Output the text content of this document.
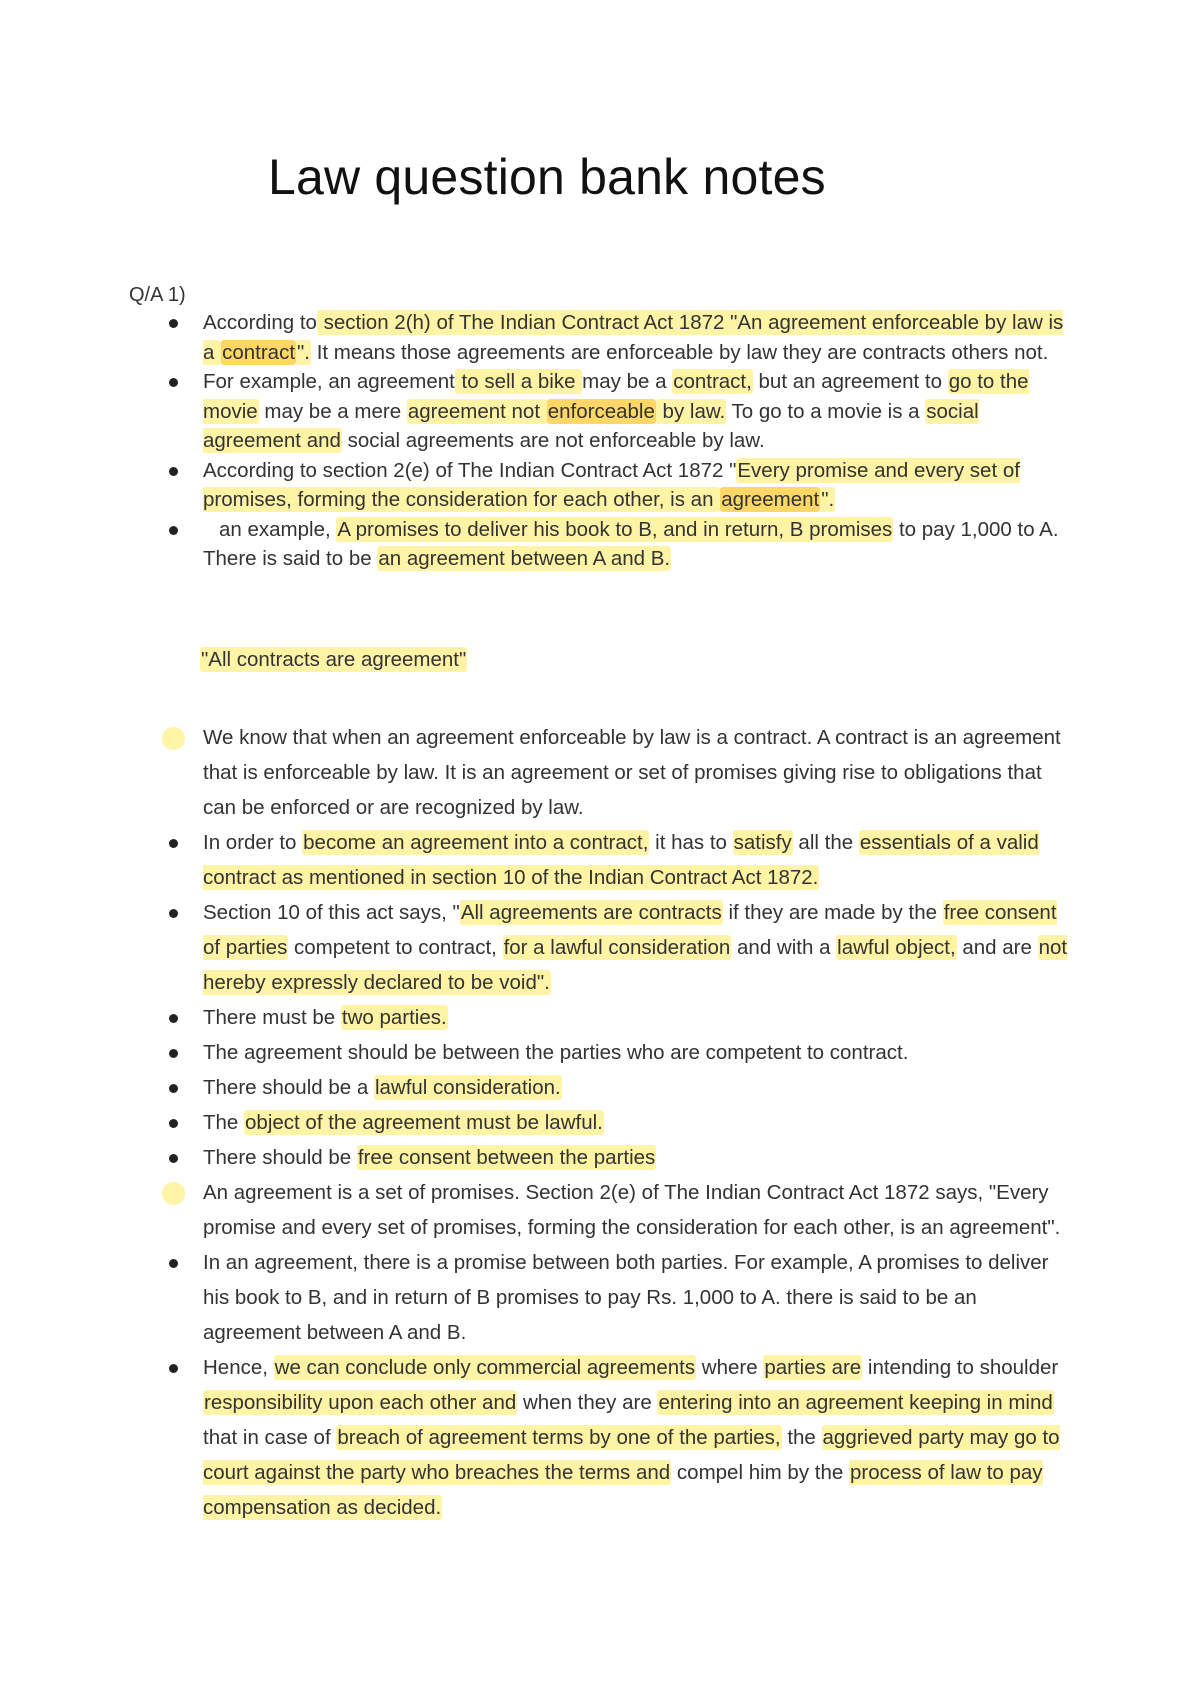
Law question bank notes
Q/A 1)
According to section 2(h) of The Indian Contract Act 1872 "An agreement enforceable by law is a contract". It means those agreements are enforceable by law they are contracts others not.
For example, an agreement to sell a bike may be a contract, but an agreement to go to the movie may be a mere agreement not enforceable by law. To go to a movie is a social agreement and social agreements are not enforceable by law.
According to section 2(e) of The Indian Contract Act 1872 "Every promise and every set of promises, forming the consideration for each other, is an agreement".
an example, A promises to deliver his book to B, and in return, B promises to pay 1,000 to A. There is said to be an agreement between A and B.
"All contracts are agreement"
We know that when an agreement enforceable by law is a contract. A contract is an agreement that is enforceable by law. It is an agreement or set of promises giving rise to obligations that can be enforced or are recognized by law.
In order to become an agreement into a contract, it has to satisfy all the essentials of a valid contract as mentioned in section 10 of the Indian Contract Act 1872.
Section 10 of this act says, "All agreements are contracts if they are made by the free consent of parties competent to contract, for a lawful consideration and with a lawful object, and are not hereby expressly declared to be void".
There must be two parties.
The agreement should be between the parties who are competent to contract.
There should be a lawful consideration.
The object of the agreement must be lawful.
There should be free consent between the parties
An agreement is a set of promises. Section 2(e) of The Indian Contract Act 1872 says, "Every promise and every set of promises, forming the consideration for each other, is an agreement".
In an agreement, there is a promise between both parties. For example, A promises to deliver his book to B, and in return of B promises to pay Rs. 1,000 to A. there is said to be an agreement between A and B.
Hence, we can conclude only commercial agreements where parties are intending to shoulder responsibility upon each other and when they are entering into an agreement keeping in mind that in case of breach of agreement terms by one of the parties, the aggrieved party may go to court against the party who breaches the terms and compel him by the process of law to pay compensation as decided.
